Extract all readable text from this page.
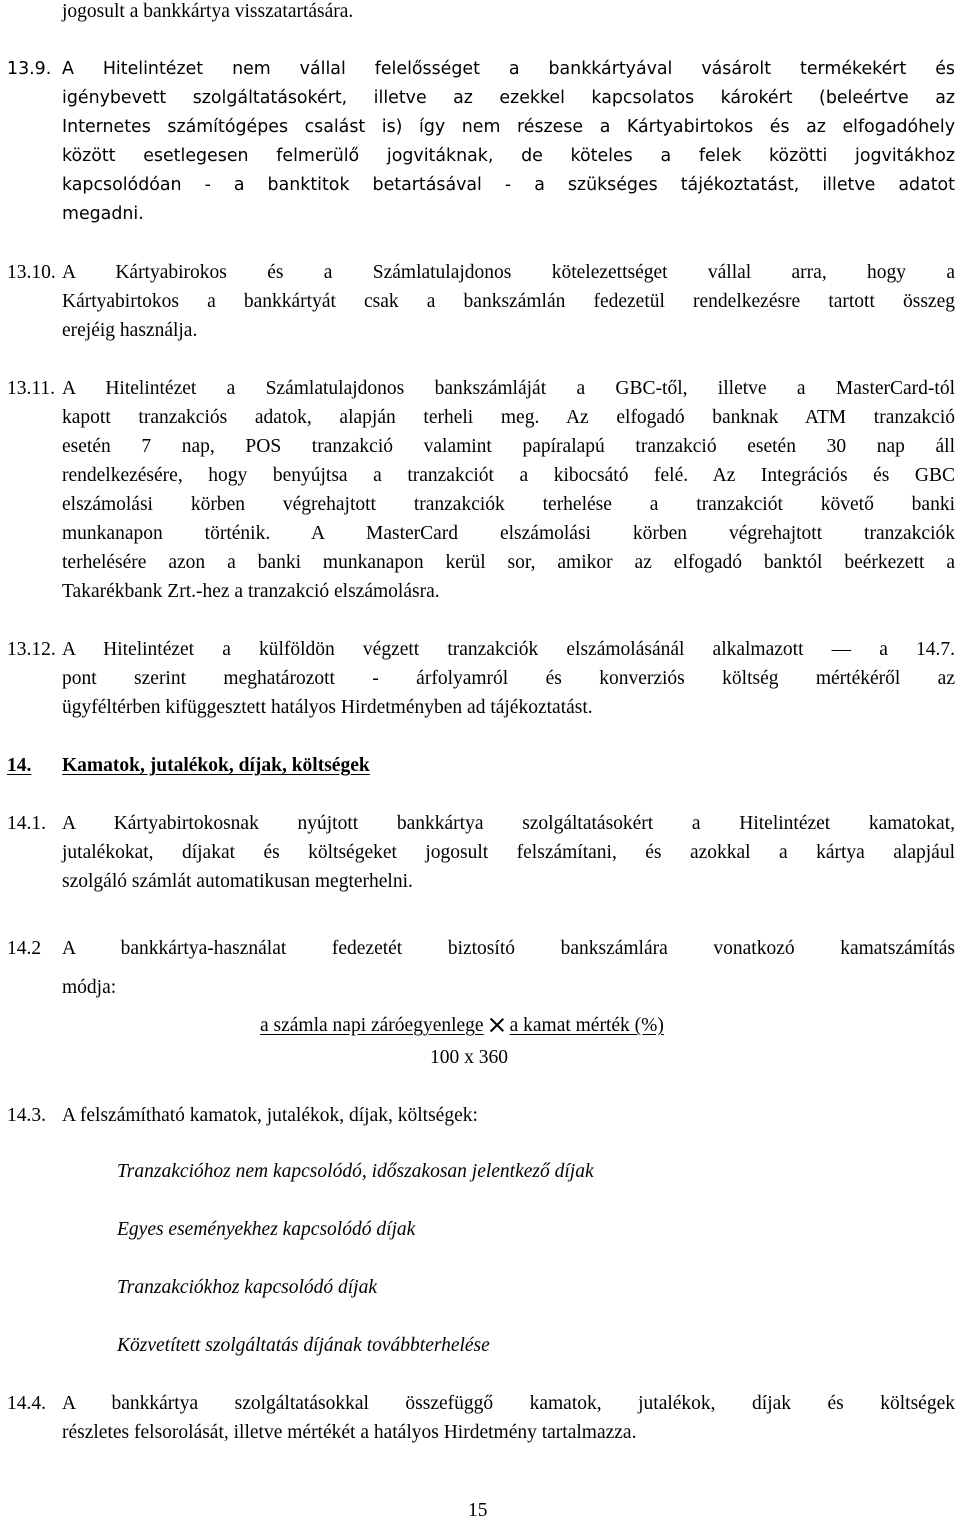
jogosult a bankkártya visszatartására.
13.9. A Hitelintézet nem vállal felelősséget a bankkártyával vásárolt termékekért és
igénybevett szolgáltatásokért, illetve az ezekkel kapcsolatos károkért (beleértve az
Internetes számítógépes csalást is) így nem részese a Kártyabirtokos és az elfogadóhely
között esetlegesen felmerülő jogvitáknak, de köteles a felek közötti jogvitákhoz
kapcsolódóan - a banktitok betartásával - a szükséges tájékoztatást, illetve adatot
megadni.
13.10. A Kártyabirokos és a Számlatulajdonos kötelezettséget vállal arra, hogy a
Kártyabirtokos a bankkártyát csak a bankszámlán fedezetül rendelkezésre tartott összeg
erejéig használja.
13.11. A Hitelintézet a Számlatulajdonos bankszámláját a GBC-től, illetve a MasterCard-tól
kapott tranzakciós adatok, alapján terheli meg. Az elfogadó banknak ATM tranzakció
esetén 7 nap, POS tranzakció valamint papíralapú tranzakció esetén 30 nap áll
rendelkezésére, hogy benyújtsa a tranzakciót a kibocsátó felé. Az Integrációs és GBC
elszámolási körben végrehajtott tranzakciók terhelése a tranzakciót követő banki
munkanapon történik. A MasterCard elszámolási körben végrehajtott tranzakciók
terhelésére azon a banki munkanapon kerül sor, amikor az elfogadó banktól beérkezett a
Takarékbank Zrt.-hez a tranzakció elszámolásra.
13.12. A Hitelintézet a külföldön végzett tranzakciók elszámolásánál alkalmazott — a 14.7.
pont szerint meghatározott - árfolyamról és konverziós költség mértékéről az
ügyféltérben kifüggesztett hatályos Hirdetményben ad tájékoztatást.
14. Kamatok, jutalékok, díjak, költségek
14.1. A Kártyabirtokosnak nyújtott bankkártya szolgáltatásokért a Hitelintézet kamatokat,
jutalékokat, díjakat és költségeket jogosult felszámítani, és azokkal a kártya alapjául
szolgáló számlát automatikusan megterhelni.
14.2 A bankkártya-használat fedezetét biztosító bankszámlára vonatkozó kamatszámítás
módja:
a számla napi záróegyenlege a kamat mérték (%)
100 x 360
14.3. A felszámítható kamatok, jutalékok, díjak, költségek:
Tranzakcióhoz nem kapcsolódó, időszakosan jelentkező díjak
Egyes eseményekhez kapcsolódó díjak
Tranzakciókhoz kapcsolódó díjak
Közvetített szolgáltatás díjának továbbterhelése
14.4. A bankkártya szolgáltatásokkal összefüggő kamatok, jutalékok, díjak és költségek
részletes felsorolását, illetve mértékét a hatályos Hirdetmény tartalmazza.
15
